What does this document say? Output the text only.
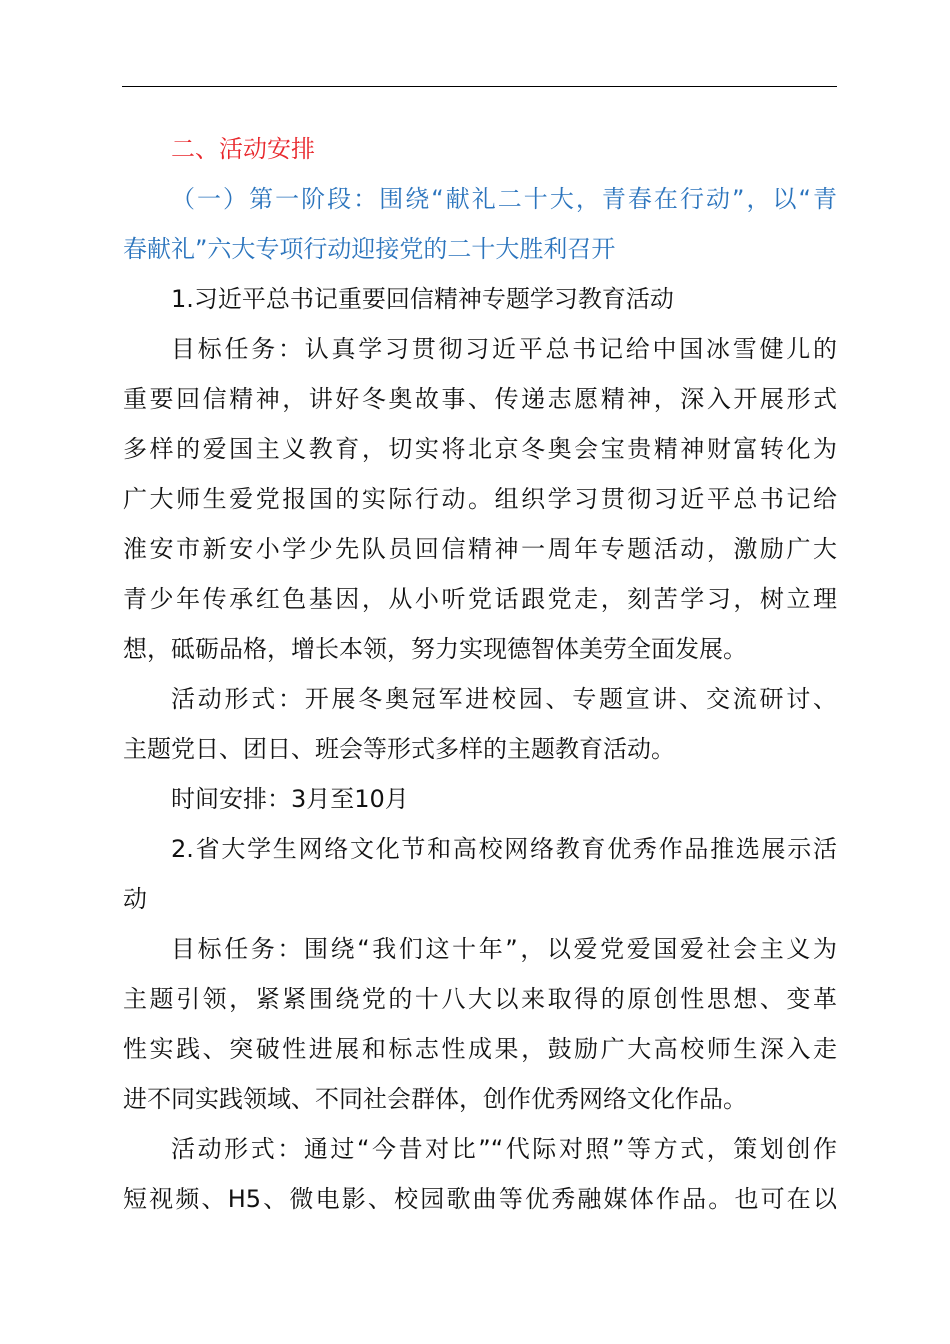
二、活动安排
（一）第一阶段：围绕“献礼二十大，青春在行动”，以“青
春献礼”六大专项行动迎接党的二十大胜利召开
1.习近平总书记重要回信精神专题学习教育活动
目标任务：认真学习贯彻习近平总书记给中国冰雪健儿的
重要回信精神，讲好冬奥故事、传递志愿精神，深入开展形式
多样的爱国主义教育，切实将北京冬奥会宝贵精神财富转化为
广大师生爱党报国的实际行动。组织学习贯彻习近平总书记给
淮安市新安小学少先队员回信精神一周年专题活动，激励广大
青少年传承红色基因，从小听党话跟党走，刻苦学习，树立理
想，砥砺品格，增长本领，努力实现德智体美劳全面发展。
活动形式：开展冬奥冠军进校园、专题宣讲、交流研讨、
主题党日、团日、班会等形式多样的主题教育活动。
时间安排：3月至10月
2.省大学生网络文化节和高校网络教育优秀作品推选展示活
动
目标任务：围绕“我们这十年”，以爱党爱国爱社会主义为
主题引领，紧紧围绕党的十八大以来取得的原创性思想、变革
性实践、突破性进展和标志性成果，鼓励广大高校师生深入走
进不同实践领域、不同社会群体，创作优秀网络文化作品。
活动形式：通过“今昔对比”“代际对照”等方式，策划创作
短视频、H5、微电影、校园歌曲等优秀融媒体作品。也可在以
